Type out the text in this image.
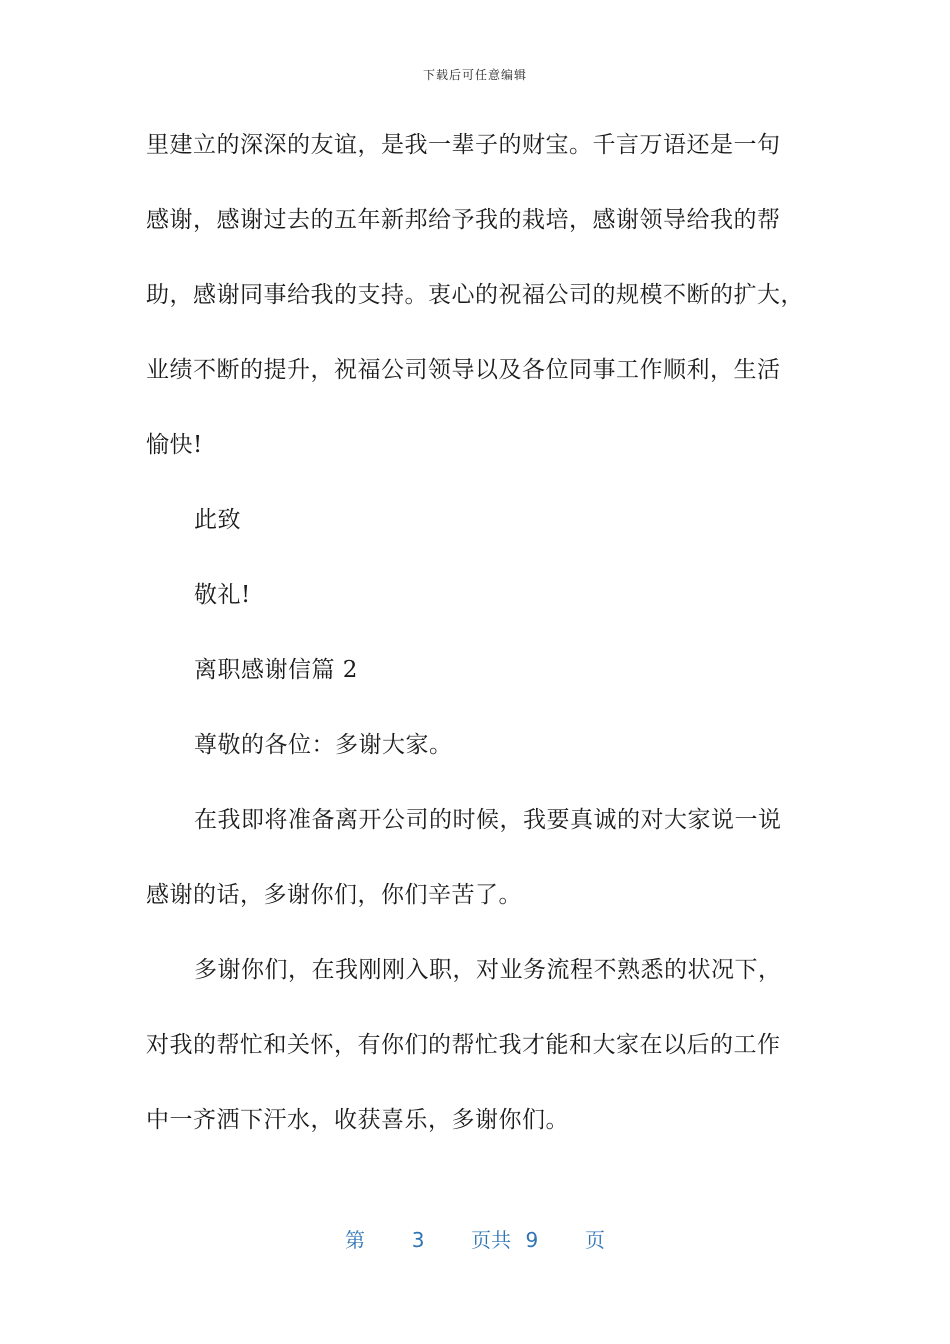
下载后可任意编辑
里建立的深深的友谊，是我一辈子的财宝。千言万语还是一句
感谢，感谢过去的五年新邦给予我的栽培，感谢领导给我的帮
助，感谢同事给我的支持。衷心的祝福公司的规模不断的扩大，
业绩不断的提升，祝福公司领导以及各位同事工作顺利，生活
愉快!
此致
敬礼!
离职感谢信篇 2
尊敬的各位：多谢大家。
在我即将准备离开公司的时候，我要真诚的对大家说一说
感谢的话，多谢你们，你们辛苦了。
多谢你们，在我刚刚入职，对业务流程不熟悉的状况下，
对我的帮忙和关怀，有你们的帮忙我才能和大家在以后的工作
中一齐洒下汗水，收获喜乐，多谢你们。
第 3 页共 9 页
